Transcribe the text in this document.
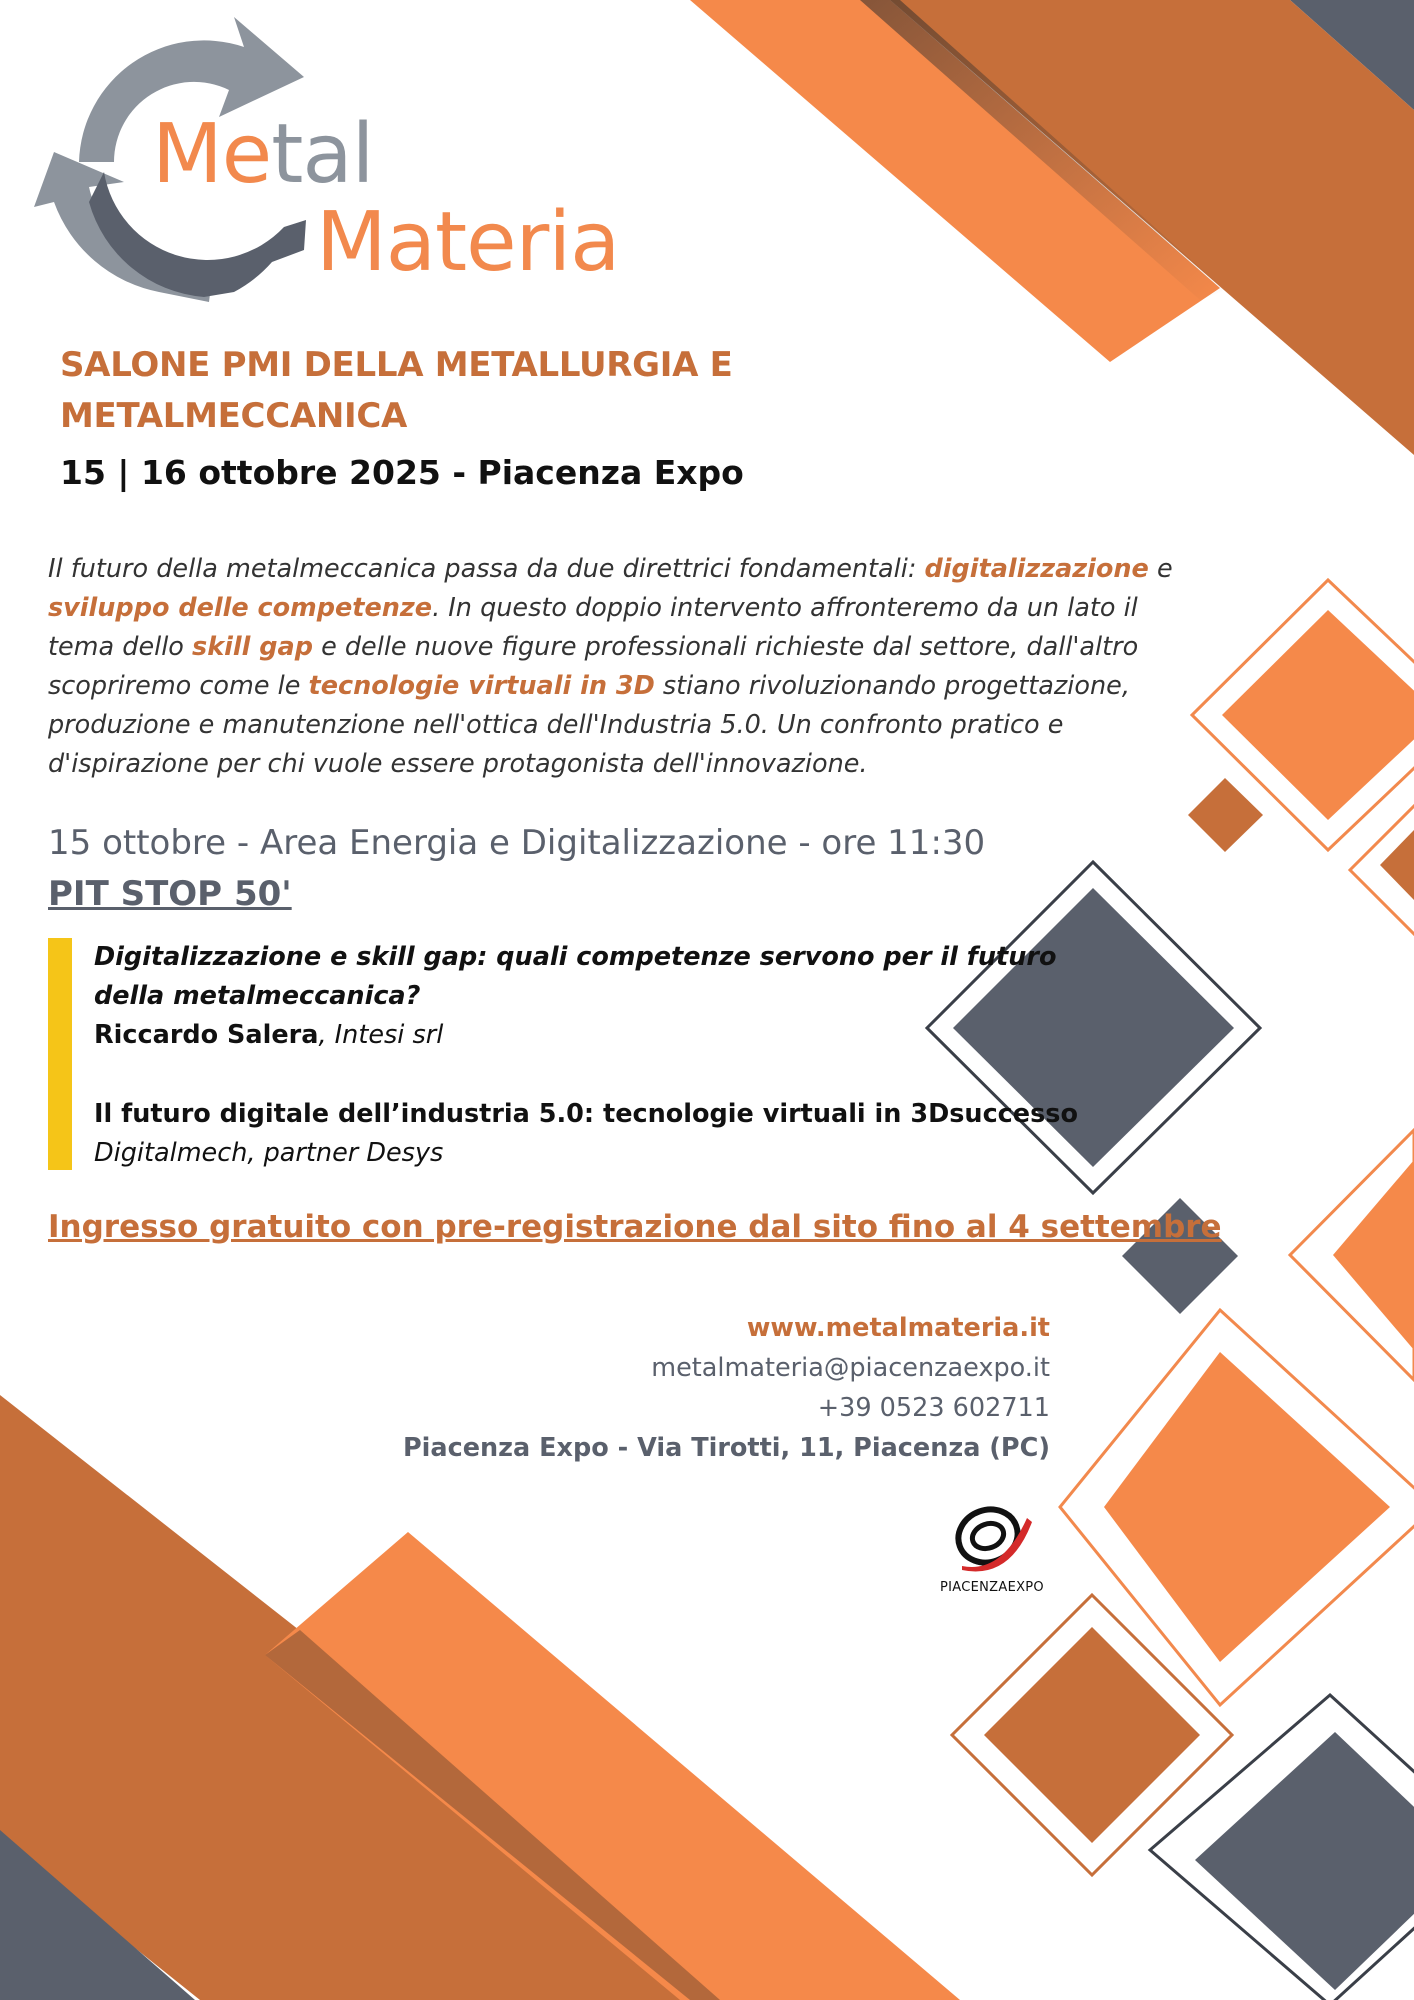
Metal
Materia
SALONE PMI DELLA METALLURGIA E METALMECCANICA
15 | 16 ottobre 2025 - Piacenza Expo
Il futuro della metalmeccanica passa da due direttrici fondamentali: digitalizzazione e sviluppo delle competenze. In questo doppio intervento affronteremo da un lato il tema dello skill gap e delle nuove figure professionali richieste dal settore, dall'altro scopriremo come le tecnologie virtuali in 3D stiano rivoluzionando progettazione, produzione e manutenzione nell'ottica dell'Industria 5.0. Un confronto pratico e d'ispirazione per chi vuole essere protagonista dell'innovazione.
15 ottobre - Area Energia e Digitalizzazione - ore 11:30
PIT STOP 50'
Digitalizzazione e skill gap: quali competenze servono per il futuro della metalmeccanica?
Riccardo Salera, Intesi srl
Il futuro digitale dell’industria 5.0: tecnologie virtuali in 3Dsuccesso
Digitalmech, partner Desys
Ingresso gratuito con pre-registrazione dal sito fino al 4 settembre
www.metalmateria.it
metalmateria@piacenzaexpo.it
+39 0523 602711
Piacenza Expo - Via Tirotti, 11, Piacenza (PC)
PIACENZAEXPO
